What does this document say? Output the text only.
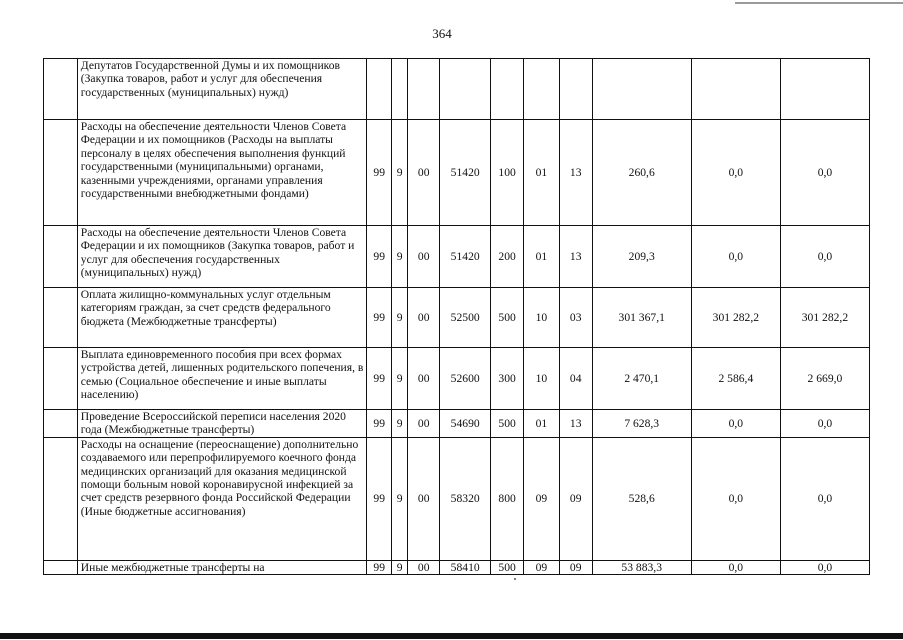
364
	Депутатов Государственной Думы и их помощников (Закупка товаров, работ и услуг для обеспечения государственных (муниципальных) нужд)										
	Расходы на обеспечение деятельности Членов Совета Федерации и их помощников (Расходы на выплаты персоналу в целях обеспечения выполнения функций государственными (муниципальными) органами, казенными учреждениями, органами управления государственными внебюджетными фондами)	99	9	00	51420	100	01	13	260,6	0,0	0,0
	Расходы на обеспечение деятельности Членов Совета Федерации и их помощников (Закупка товаров, работ и услуг для обеспечения государственных (муниципальных) нужд)	99	9	00	51420	200	01	13	209,3	0,0	0,0
	Оплата жилищно-коммунальных услуг отдельным категориям граждан, за счет средств федерального бюджета (Межбюджетные трансферты)	99	9	00	52500	500	10	03	301 367,1	301 282,2	301 282,2
	Выплата единовременного пособия при всех формах устройства детей, лишенных родительского попечения, в семью (Социальное обеспечение и иные выплаты населению)	99	9	00	52600	300	10	04	2 470,1	2 586,4	2 669,0
	Проведение Всероссийской переписи населения 2020 года (Межбюджетные трансферты)	99	9	00	54690	500	01	13	7 628,3	0,0	0,0
	Расходы на оснащение (переоснащение) дополнительно создаваемого или перепрофилируемого коечного фонда медицинских организаций для оказания медицинской помощи больным новой коронавирусной инфекцией за счет средств резервного фонда Российской Федерации (Иные бюджетные ассигнования)	99	9	00	58320	800	09	09	528,6	0,0	0,0
	Иные межбюджетные трансферты на	99	9	00	58410	500	09	09	53 883,3	0,0	0,0
